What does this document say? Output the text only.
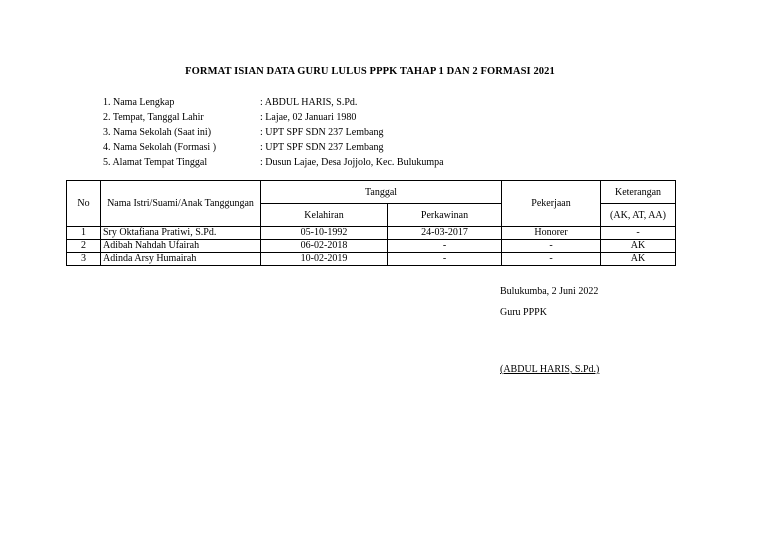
FORMAT ISIAN DATA GURU LULUS PPPK TAHAP 1 DAN 2 FORMASI 2021
1. Nama Lengkap	: ABDUL HARIS, S.Pd.
2. Tempat, Tanggal Lahir	: Lajae, 02 Januari 1980
3. Nama Sekolah (Saat ini)	: UPT SPF SDN 237 Lembang
4. Nama Sekolah (Formasi )	: UPT SPF SDN 237 Lembang
5. Alamat Tempat Tinggal	: Dusun Lajae, Desa Jojjolo, Kec. Bulukumpa
No	Nama Istri/Suami/Anak Tanggungan	Tanggal		Pekerjaan	Keterangan
		Kelahiran	Perkawinan		(AK, AT, AA)
1	Sry Oktafiana Pratiwi, S.Pd.	05-10-1992	24-03-2017	Honorer	-
2	Adibah Nahdah Ufairah	06-02-2018	-	-	AK
3	Adinda Arsy Humairah	10-02-2019	-	-	AK
Bulukumba, 2 Juni 2022
Guru PPPK
(ABDUL HARIS, S.Pd.)
